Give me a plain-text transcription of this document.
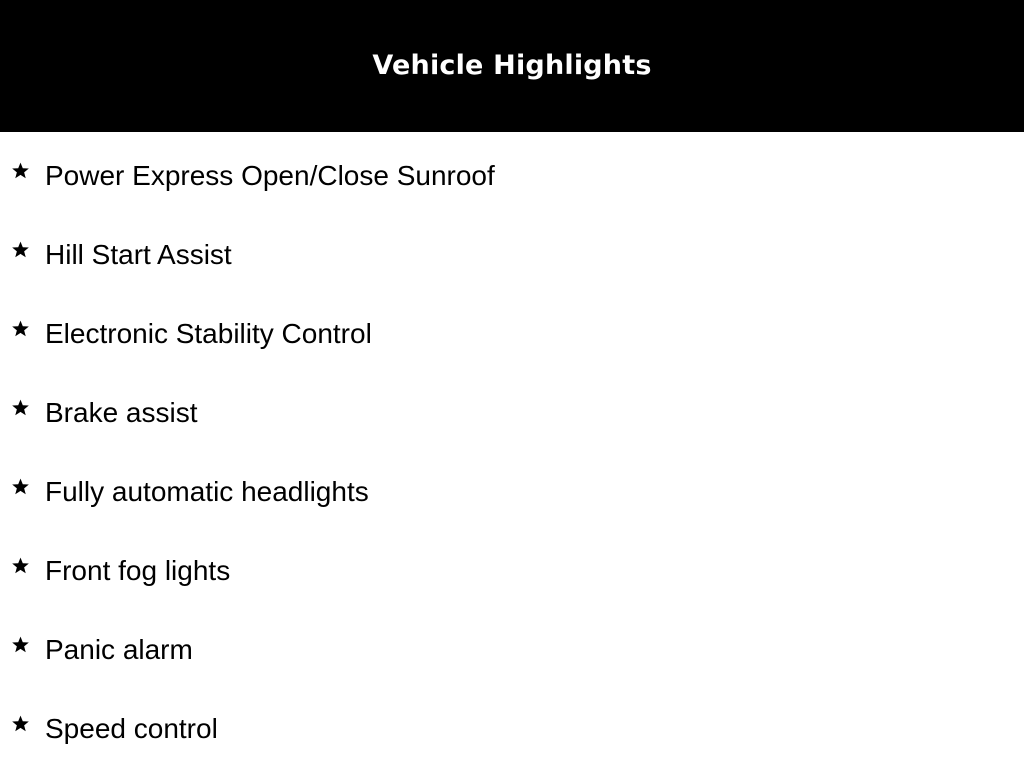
Vehicle Highlights
Power Express Open/Close Sunroof
Hill Start Assist
Electronic Stability Control
Brake assist
Fully automatic headlights
Front fog lights
Panic alarm
Speed control
